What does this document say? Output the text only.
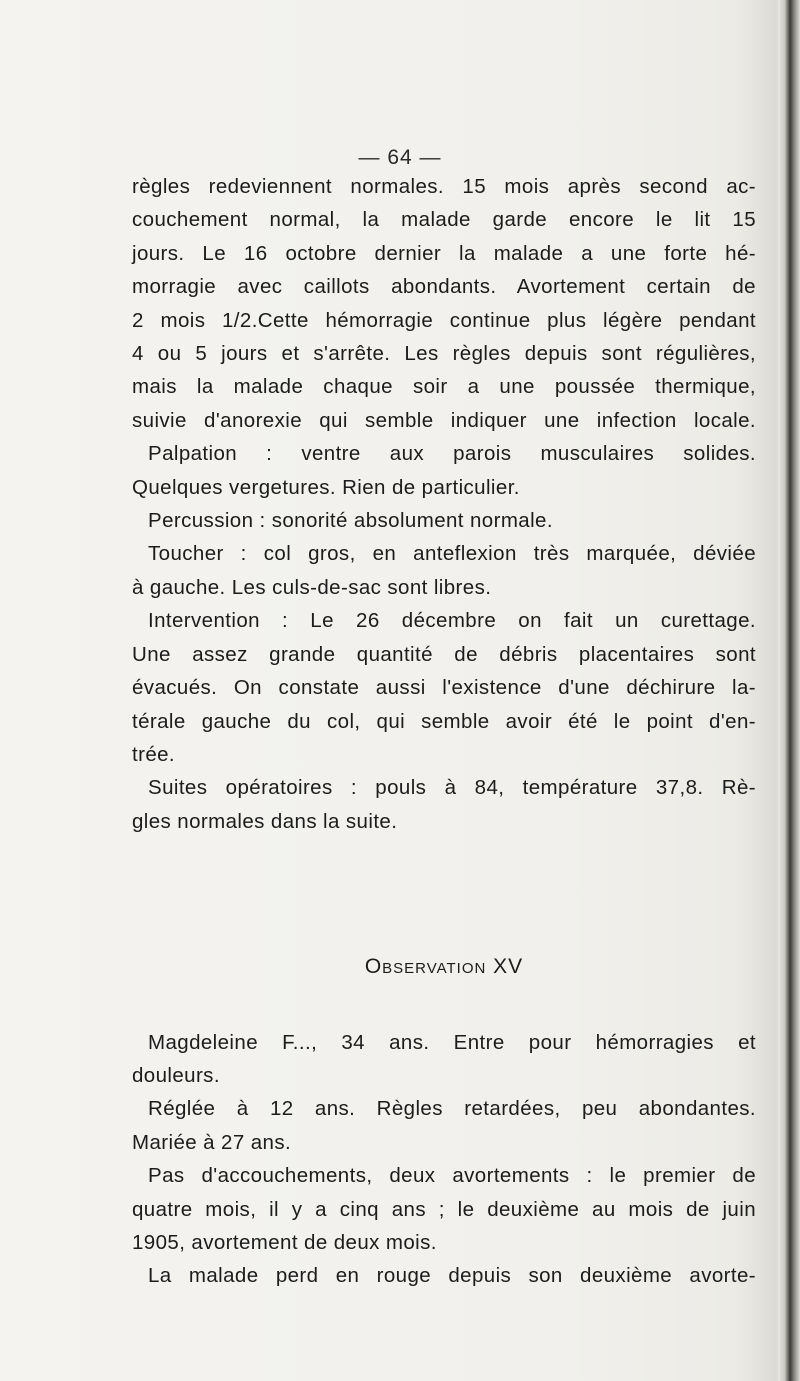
— 64 —
règles redeviennent normales. 15 mois après second ac-
couchement normal, la malade garde encore le lit 15
jours. Le 16 octobre dernier la malade a une forte hé-
morragie avec caillots abondants. Avortement certain de
2 mois 1/2.Cette hémorragie continue plus légère pendant
4 ou 5 jours et s'arrête. Les règles depuis sont régulières,
mais la malade chaque soir a une poussée thermique,
suivie d'anorexie qui semble indiquer une infection locale.
Palpation : ventre aux parois musculaires solides.
Quelques vergetures. Rien de particulier.
Percussion : sonorité absolument normale.
Toucher : col gros, en anteflexion très marquée, déviée
à gauche. Les culs-de-sac sont libres.
Intervention : Le 26 décembre on fait un curettage.
Une assez grande quantité de débris placentaires sont
évacués. On constate aussi l'existence d'une déchirure la-
térale gauche du col, qui semble avoir été le point d'en-
trée.
Suites opératoires : pouls à 84, température 37,8. Rè-
gles normales dans la suite.
Observation XV
Magdeleine F..., 34 ans. Entre pour hémorragies et
douleurs.
Réglée à 12 ans. Règles retardées, peu abondantes.
Mariée à 27 ans.
Pas d'accouchements, deux avortements : le premier de
quatre mois, il y a cinq ans ; le deuxième au mois de juin
1905, avortement de deux mois.
La malade perd en rouge depuis son deuxième avorte-
